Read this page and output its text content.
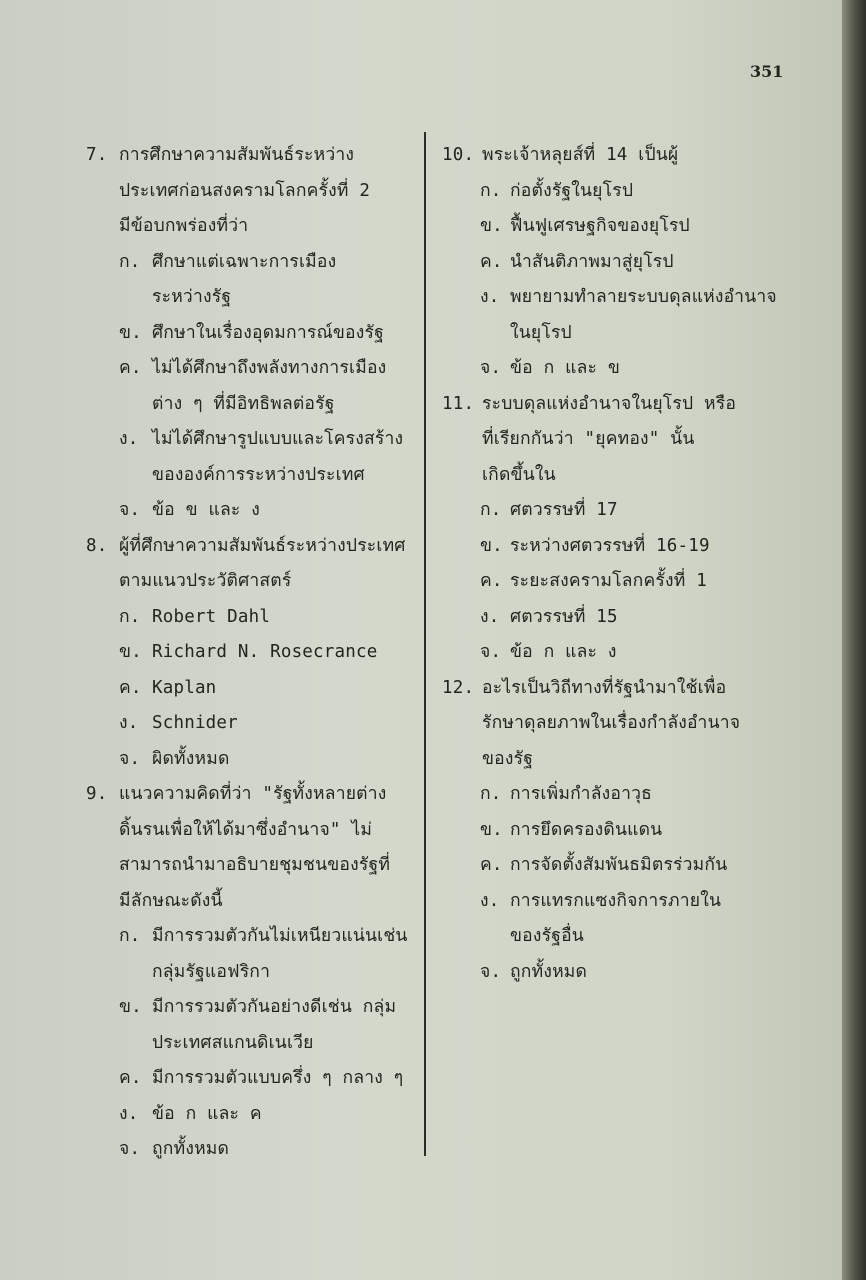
351
7. การศึกษาความสัมพันธ์ระหว่าง
ประเทศก่อนสงครามโลกครั้งที่ 2
มีข้อบกพร่องที่ว่า
ก. ศึกษาแต่เฉพาะการเมือง
ระหว่างรัฐ
ข. ศึกษาในเรื่องอุดมการณ์ของรัฐ
ค. ไม่ได้ศึกษาถึงพลังทางการเมือง
ต่าง ๆ ที่มีอิทธิพลต่อรัฐ
ง. ไม่ได้ศึกษารูปแบบและโครงสร้าง
ขององค์การระหว่างประเทศ
จ. ข้อ ข และ ง
8. ผู้ที่ศึกษาความสัมพันธ์ระหว่างประเทศ
ตามแนวประวัติศาสตร์
ก. Robert Dahl
ข. Richard N. Rosecrance
ค. Kaplan
ง. Schnider
จ. ผิดทั้งหมด
9. แนวความคิดที่ว่า "รัฐทั้งหลายต่าง
ดิ้นรนเพื่อให้ได้มาซึ่งอำนาจ" ไม่
สามารถนำมาอธิบายชุมชนของรัฐที่
มีลักษณะดังนี้
ก. มีการรวมตัวกันไม่เหนียวแน่นเช่น
กลุ่มรัฐแอฟริกา
ข. มีการรวมตัวกันอย่างดีเช่น กลุ่ม
ประเทศสแกนดิเนเวีย
ค. มีการรวมตัวแบบครึ่ง ๆ กลาง ๆ
ง. ข้อ ก และ ค
จ. ถูกทั้งหมด
10. พระเจ้าหลุยส์ที่ 14 เป็นผู้
ก. ก่อตั้งรัฐในยุโรป
ข. ฟื้นฟูเศรษฐกิจของยุโรป
ค. นำสันติภาพมาสู่ยุโรป
ง. พยายามทำลายระบบดุลแห่งอำนาจ
ในยุโรป
จ. ข้อ ก และ ข
11. ระบบดุลแห่งอำนาจในยุโรป หรือ
ที่เรียกกันว่า "ยุคทอง" นั้น
เกิดขึ้นใน
ก. ศตวรรษที่ 17
ข. ระหว่างศตวรรษที่ 16-19
ค. ระยะสงครามโลกครั้งที่ 1
ง. ศตวรรษที่ 15
จ. ข้อ ก และ ง
12. อะไรเป็นวิถีทางที่รัฐนำมาใช้เพื่อ
รักษาดุลยภาพในเรื่องกำลังอำนาจ
ของรัฐ
ก. การเพิ่มกำลังอาวุธ
ข. การยึดครองดินแดน
ค. การจัดตั้งสัมพันธมิตรร่วมกัน
ง. การแทรกแซงกิจการภายใน
ของรัฐอื่น
จ. ถูกทั้งหมด
